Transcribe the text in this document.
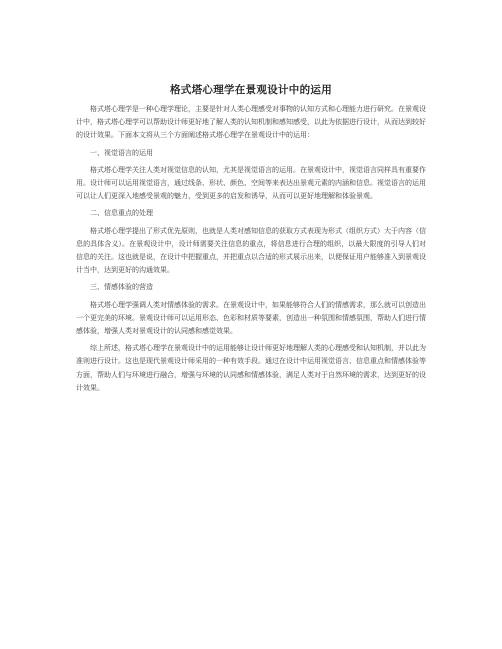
格式塔心理学在景观设计中的运用

格式塔心理学是一种心理学理论，主要是针对人类心理感受对事物的认知方式和心理能力进行研究。在景观设计中，格式塔心理学可以帮助设计师更好地了解人类的认知机制和感知感受，以此为依据进行设计，从而达到较好的设计效果。下面本文将从三个方面阐述格式塔心理学在景观设计中的运用：

一、视觉语言的运用

格式塔心理学关注人类对视觉信息的认知，尤其是视觉语言的运用。在景观设计中，视觉语言同样具有重要作用。设计师可以运用视觉语言，通过线条、形状、颜色、空间等来表达出景观元素的内涵和信息。视觉语言的运用可以让人们更深入地感受景观的魅力，受到更多的启发和诱导，从而可以更好地理解和体验景观。

二、信息重点的处理

格式塔心理学提出了形式优先原则，也就是人类对感知信息的获取方式表现为形式（组织方式）大于内容（信息的具体含义）。在景观设计中，设计师需要关注信息的重点，将信息进行合理的组织，以最大限度的引导人们对信息的关注。这也就是说，在设计中把握重点，并把重点以合适的形式展示出来，以便保证用户能够准入到景观设计当中，达到更好的沟通效果。

三、情感体验的营造

格式塔心理学强调人类对情感体验的需求。在景观设计中，如果能够符合人们的情感需求，那么就可以创造出一个更完美的环境。景观设计师可以运用形态、色彩和材质等要素，创造出一种氛围和情感氛围，帮助人们进行情感体验，增强人类对景观设计的认同感和感觉效果。

综上所述，格式塔心理学在景观设计中的运用能够让设计师更好地理解人类的心理感受和认知机制，并以此为准则进行设计。这也是现代景观设计师采用的一种有效手段。通过在设计中运用视觉语言、信息重点和情感体验等方面，帮助人们与环境进行融合，增强与环境的认同感和情感体验，满足人类对于自然环境的需求，达到更好的设计效果。
